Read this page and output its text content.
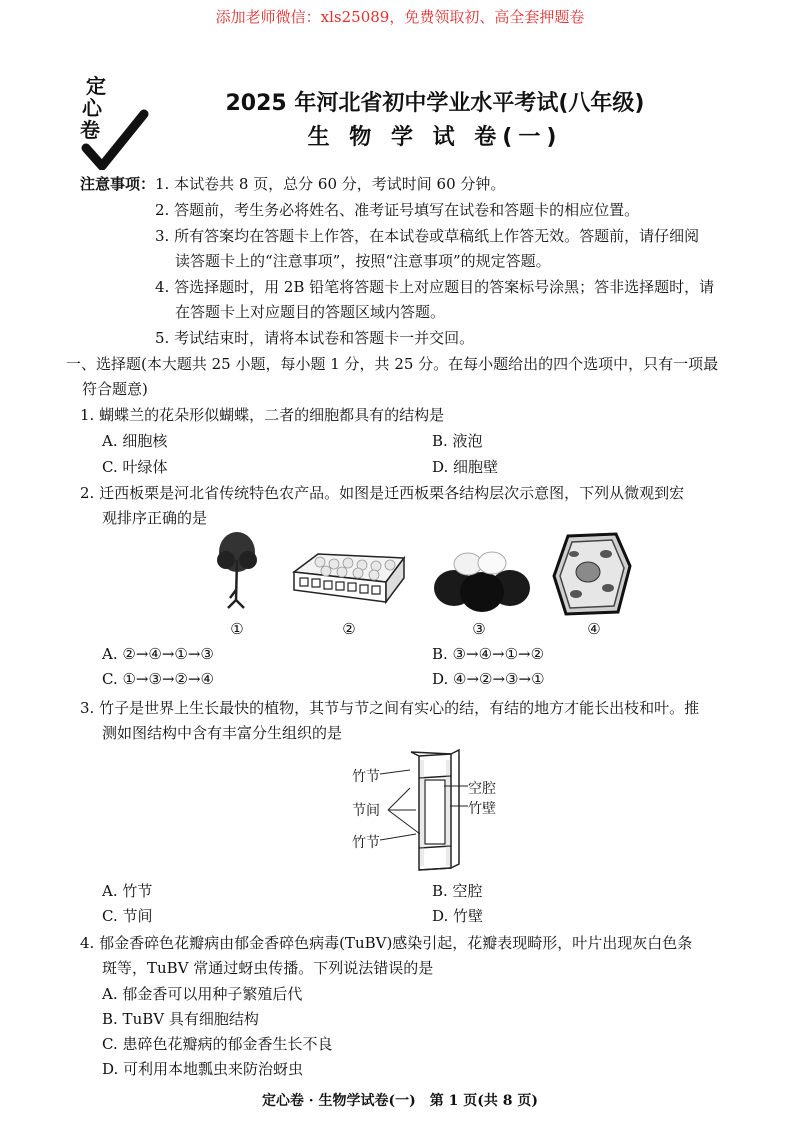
添加老师微信：xls25089，免费领取初、高全套押题卷
定
心
卷
2025 年河北省初中学业水平考试(八年级)
生 物 学 试 卷(一)
注意事项： 1. 本试卷共 8 页，总分 60 分，考试时间 60 分钟。
2. 答题前，考生务必将姓名、准考证号填写在试卷和答题卡的相应位置。
3. 所有答案均在答题卡上作答，在本试卷或草稿纸上作答无效。答题前，请仔细阅
读答题卡上的“注意事项”，按照“注意事项”的规定答题。
4. 答选择题时，用 2B 铅笔将答题卡上对应题目的答案标号涂黑；答非选择题时，请
在答题卡上对应题目的答题区域内答题。
5. 考试结束时，请将本试卷和答题卡一并交回。
一、选择题(本大题共 25 小题，每小题 1 分，共 25 分。在每小题给出的四个选项中，只有一项最
符合题意)
1. 蝴蝶兰的花朵形似蝴蝶，二者的细胞都具有的结构是
A. 细胞核	B. 液泡
C. 叶绿体	D. 细胞壁
2. 迁西板栗是河北省传统特色农产品。如图是迁西板栗各结构层次示意图，下列从微观到宏
观排序正确的是
①	②	③	④
A. ②→④→①→③	B. ③→④→①→②
C. ①→③→②→④	D. ④→②→③→①
3. 竹子是世界上生长最快的植物，其节与节之间有实心的结，有结的地方才能长出枝和叶。推
测如图结构中含有丰富分生组织的是
竹节
节间
竹节
空腔
竹壁
A. 竹节	B. 空腔
C. 节间	D. 竹壁
4. 郁金香碎色花瓣病由郁金香碎色病毒(TuBV)感染引起，花瓣表现畸形，叶片出现灰白色条
斑等，TuBV 常通过蚜虫传播。下列说法错误的是
A. 郁金香可以用种子繁殖后代
B. TuBV 具有细胞结构
C. 患碎色花瓣病的郁金香生长不良
D. 可利用本地瓢虫来防治蚜虫
定心卷 · 生物学试卷(一)　第 1 页(共 8 页)
